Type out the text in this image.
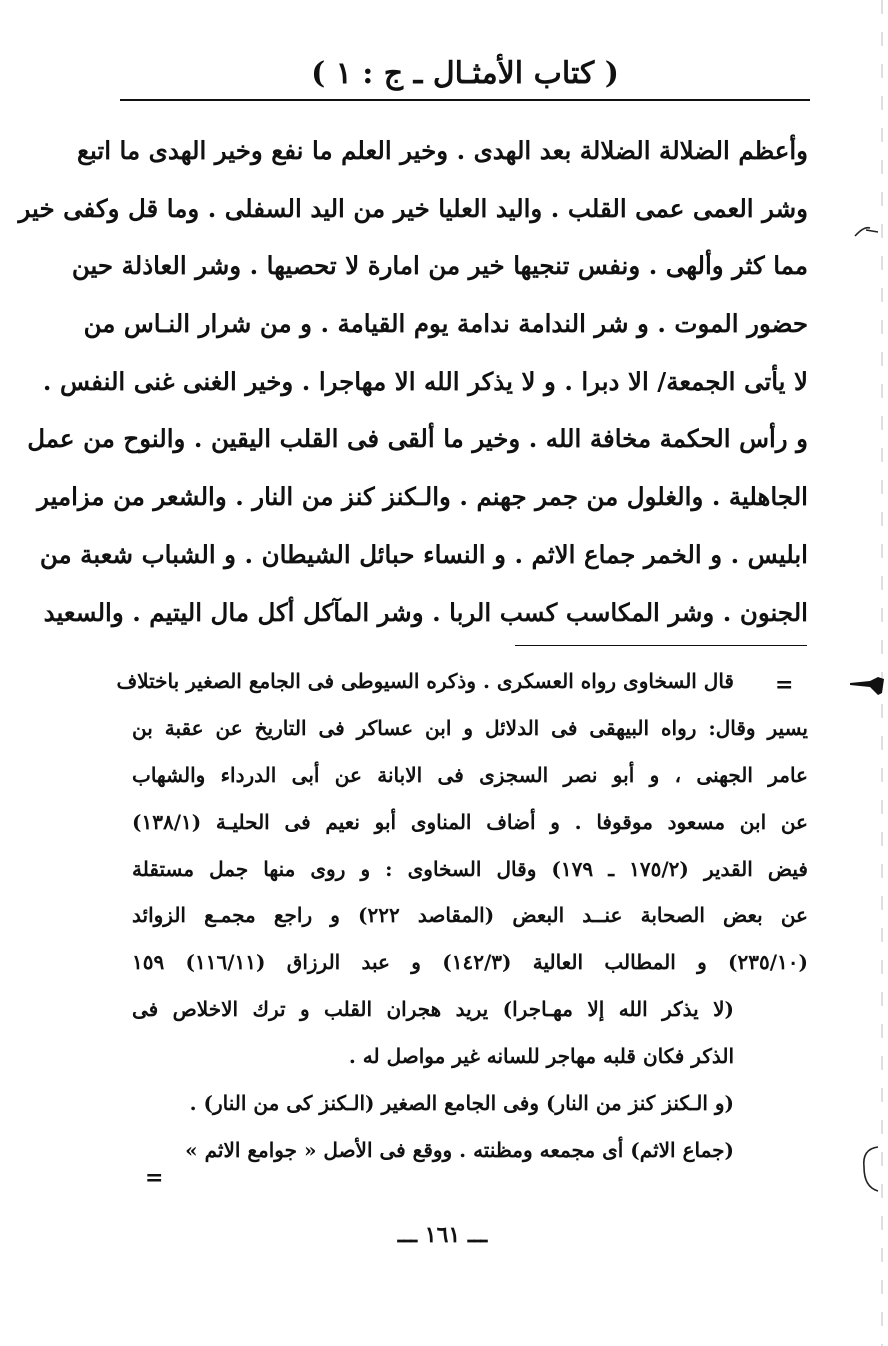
( كتاب الأمثـال ـ ج : ١ )
وأعظم الضلالة الضلالة بعد الهدى . وخير العلم ما نفع وخير الهدى ما اتبع
وشر العمى عمى القلب . واليد العليا خير من اليد السفلى . وما قل وكفى خير
مما كثر وألهى . ونفس تنجيها خير من امارة لا تحصيها . وشر العاذلة حين
حضور الموت . و شر الندامة ندامة يوم القيامة . و من شرار النـاس من
لا يأتى الجمعة/ الا دبرا . و لا يذكر الله الا مهاجرا . وخير الغنى غنى النفس .
و رأس الحكمة مخافة الله . وخير ما ألقى فى القلب اليقين . والنوح من عمل
الجاهلية . والغلول من جمر جهنم . والـكنز كنز من النار . والشعر من مزامير
ابليس . و الخمر جماع الاثم . و النساء حبائل الشيطان . و الشباب شعبة من
الجنون . وشر المكاسب كسب الربا . وشر المآكل أكل مال اليتيم . والسعيد
=
قال السخاوى رواه العسكرى . وذكره السيوطى فى الجامع الصغير باختلاف
يسير وقال: رواه البيهقى فى الدلائل و ابن عساكر فى التاريخ عن عقبة بن
عامر الجهنى ، و أبو نصر السجزى فى الابانة عن أبى الدرداء والشهاب
عن ابن مسعود موقوفا . و أضاف المناوى أبو نعيم فى الحليـة (١٣٨/١)
فيض القدير (١٧٥/٢ ـ ١٧٩) وقال السخاوى : و روى منها جمل مستقلة
عن بعض الصحابة عنــد البعض (المقاصد ٢٢٢) و راجع مجمـع الزوائد
(٢٣٥/١٠) و المطالب العالية (١٤٢/٣) و عبد الرزاق (١١٦/١١) ١٥٩
(لا يذكر الله إلا مهـاجرا) يريد هجران القلب و ترك الاخلاص فى
الذكر فكان قلبه مهاجر للسانه غير مواصل له .
(و الـكنز كنز من النار) وفى الجامع الصغير (الـكنز كى من النار) .
(جماع الاثم) أى مجمعه ومظنته . ووقع فى الأصل « جوامع الاثم »
=
ـــ ١٦١ ـــ
